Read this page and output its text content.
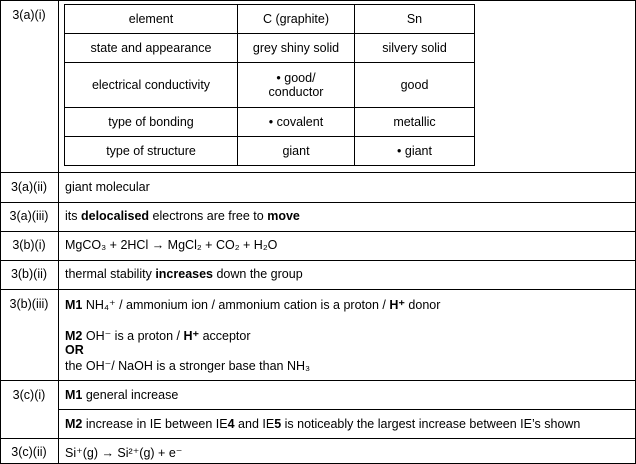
3(a)(i)	element	C (graphite)	Sn
state and appearance	grey shiny solid	silvery solid
electrical conductivity	• good/ conductor	good
type of bonding	• covalent	metallic
type of structure	giant	• giant
3(a)(ii)	giant molecular
3(a)(iii)	its delocalised electrons are free to move
3(b)(i)	MgCO₃ + 2HCl → MgCl₂ + CO₂ + H₂O
3(b)(ii)	thermal stability increases down the group
3(b)(iii)	M1 NH₄⁺ / ammonium ion / ammonium cation is a proton / H⁺ donor
M2 OH⁻ is a proton / H⁺ acceptor
OR
the OH⁻/ NaOH is a stronger base than NH₃
3(c)(i)	M1 general increase
M2 increase in IE between IE4 and IE5 is noticeably the largest increase between IE’s shown
3(c)(ii)	Si⁺(g) → Si²⁺(g) + e⁻
